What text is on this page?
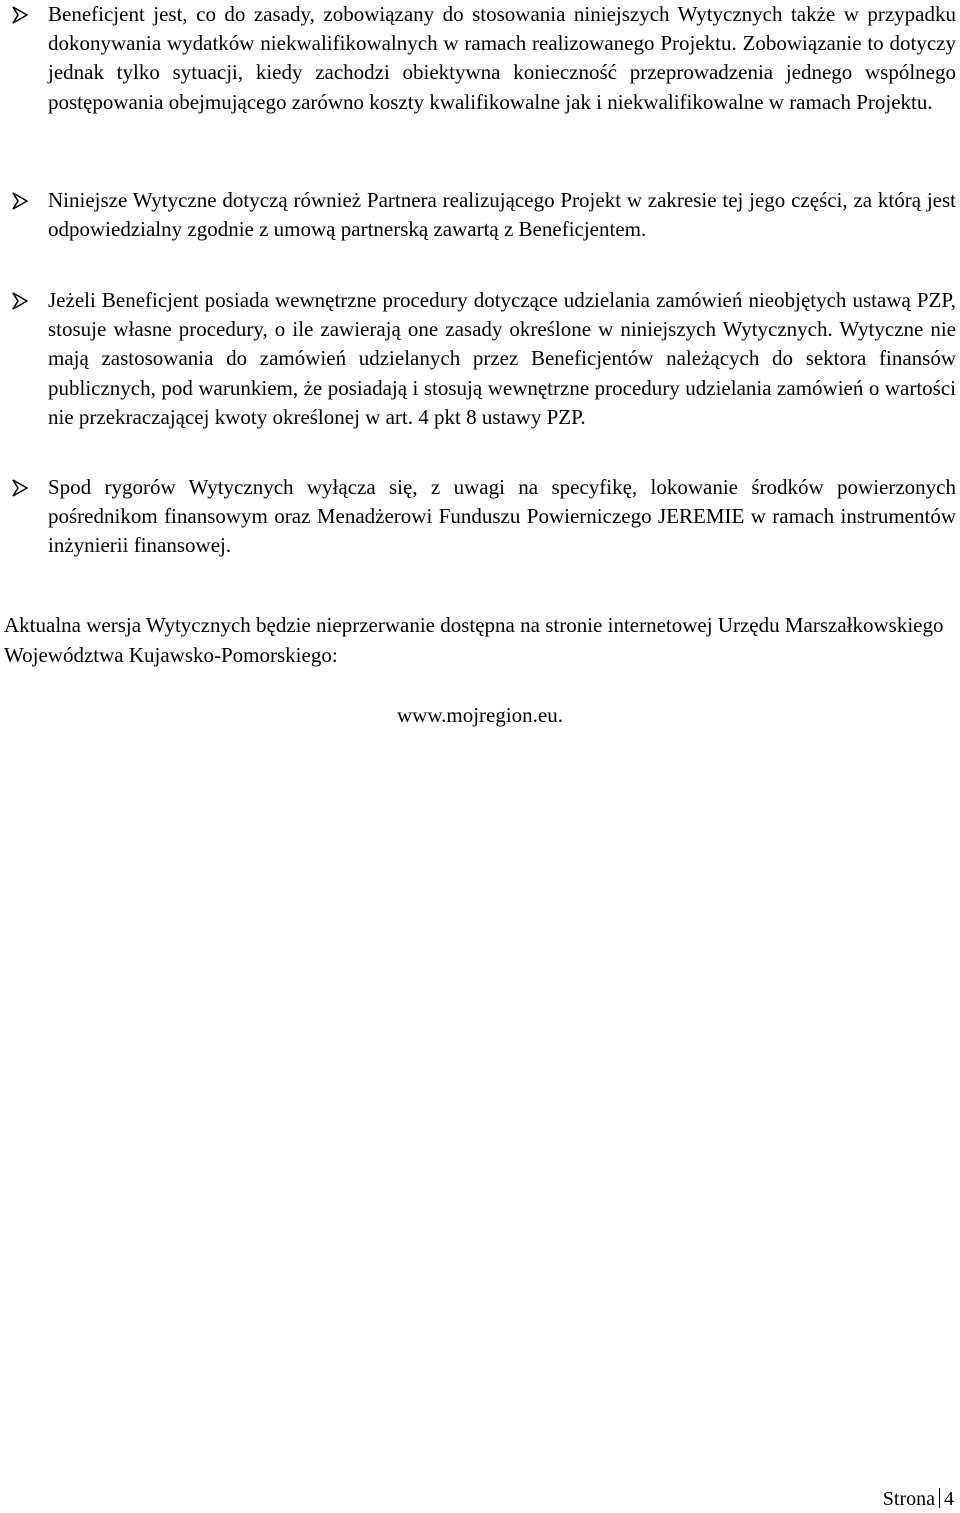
Beneficjent jest, co do zasady, zobowiązany do stosowania niniejszych Wytycznych także w przypadku dokonywania wydatków niekwalifikowalnych w ramach realizowanego Projektu. Zobowiązanie to dotyczy jednak tylko sytuacji, kiedy zachodzi obiektywna konieczność przeprowadzenia jednego wspólnego postępowania obejmującego zarówno koszty kwalifikowalne jak i niekwalifikowalne w ramach Projektu.

Niniejsze Wytyczne dotyczą również Partnera realizującego Projekt w zakresie tej jego części, za którą jest odpowiedzialny zgodnie z umową partnerską zawartą z Beneficjentem.

Jeżeli Beneficjent posiada wewnętrzne procedury dotyczące udzielania zamówień nieobjętych ustawą PZP, stosuje własne procedury, o ile zawierają one zasady określone w niniejszych Wytycznych. Wytyczne nie mają zastosowania do zamówień udzielanych przez Beneficjentów należących do sektora finansów publicznych, pod warunkiem, że posiadają i stosują wewnętrzne procedury udzielania zamówień o wartości nie przekraczającej kwoty określonej w art. 4 pkt 8 ustawy PZP.

Spod rygorów Wytycznych wyłącza się, z uwagi na specyfikę, lokowanie środków powierzonych pośrednikom finansowym oraz Menadżerowi Funduszu Powierniczego JEREMIE w ramach instrumentów inżynierii finansowej.

Aktualna wersja Wytycznych będzie nieprzerwanie dostępna na stronie internetowej Urzędu Marszałkowskiego Województwa Kujawsko-Pomorskiego:

www.mojregion.eu.

Strona 4
